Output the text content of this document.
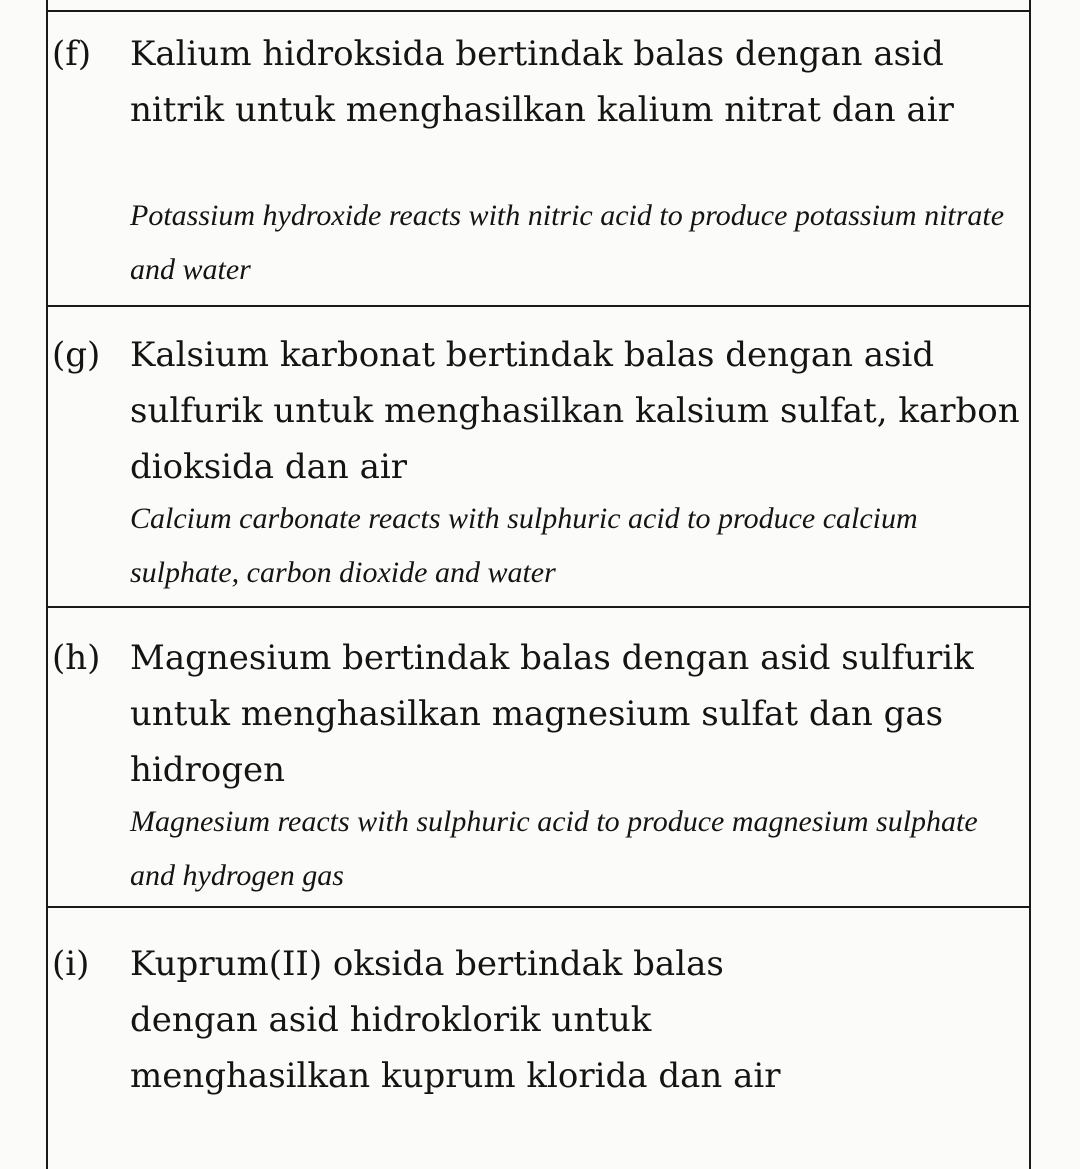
(f) Kalium hidroksida bertindak balas dengan asid nitrik untuk menghasilkan kalium nitrat dan air

Potassium hydroxide reacts with nitric acid to produce potassium nitrate and water

(g) Kalsium karbonat bertindak balas dengan asid sulfurik untuk menghasilkan kalsium sulfat, karbon dioksida dan air

Calcium carbonate reacts with sulphuric acid to produce calcium sulphate, carbon dioxide and water

(h) Magnesium bertindak balas dengan asid sulfurik untuk menghasilkan magnesium sulfat dan gas hidrogen

Magnesium reacts with sulphuric acid to produce magnesium sulphate and hydrogen gas

(i) Kuprum(II) oksida bertindak balas dengan asid hidroklorik untuk menghasilkan kuprum klorida dan air
